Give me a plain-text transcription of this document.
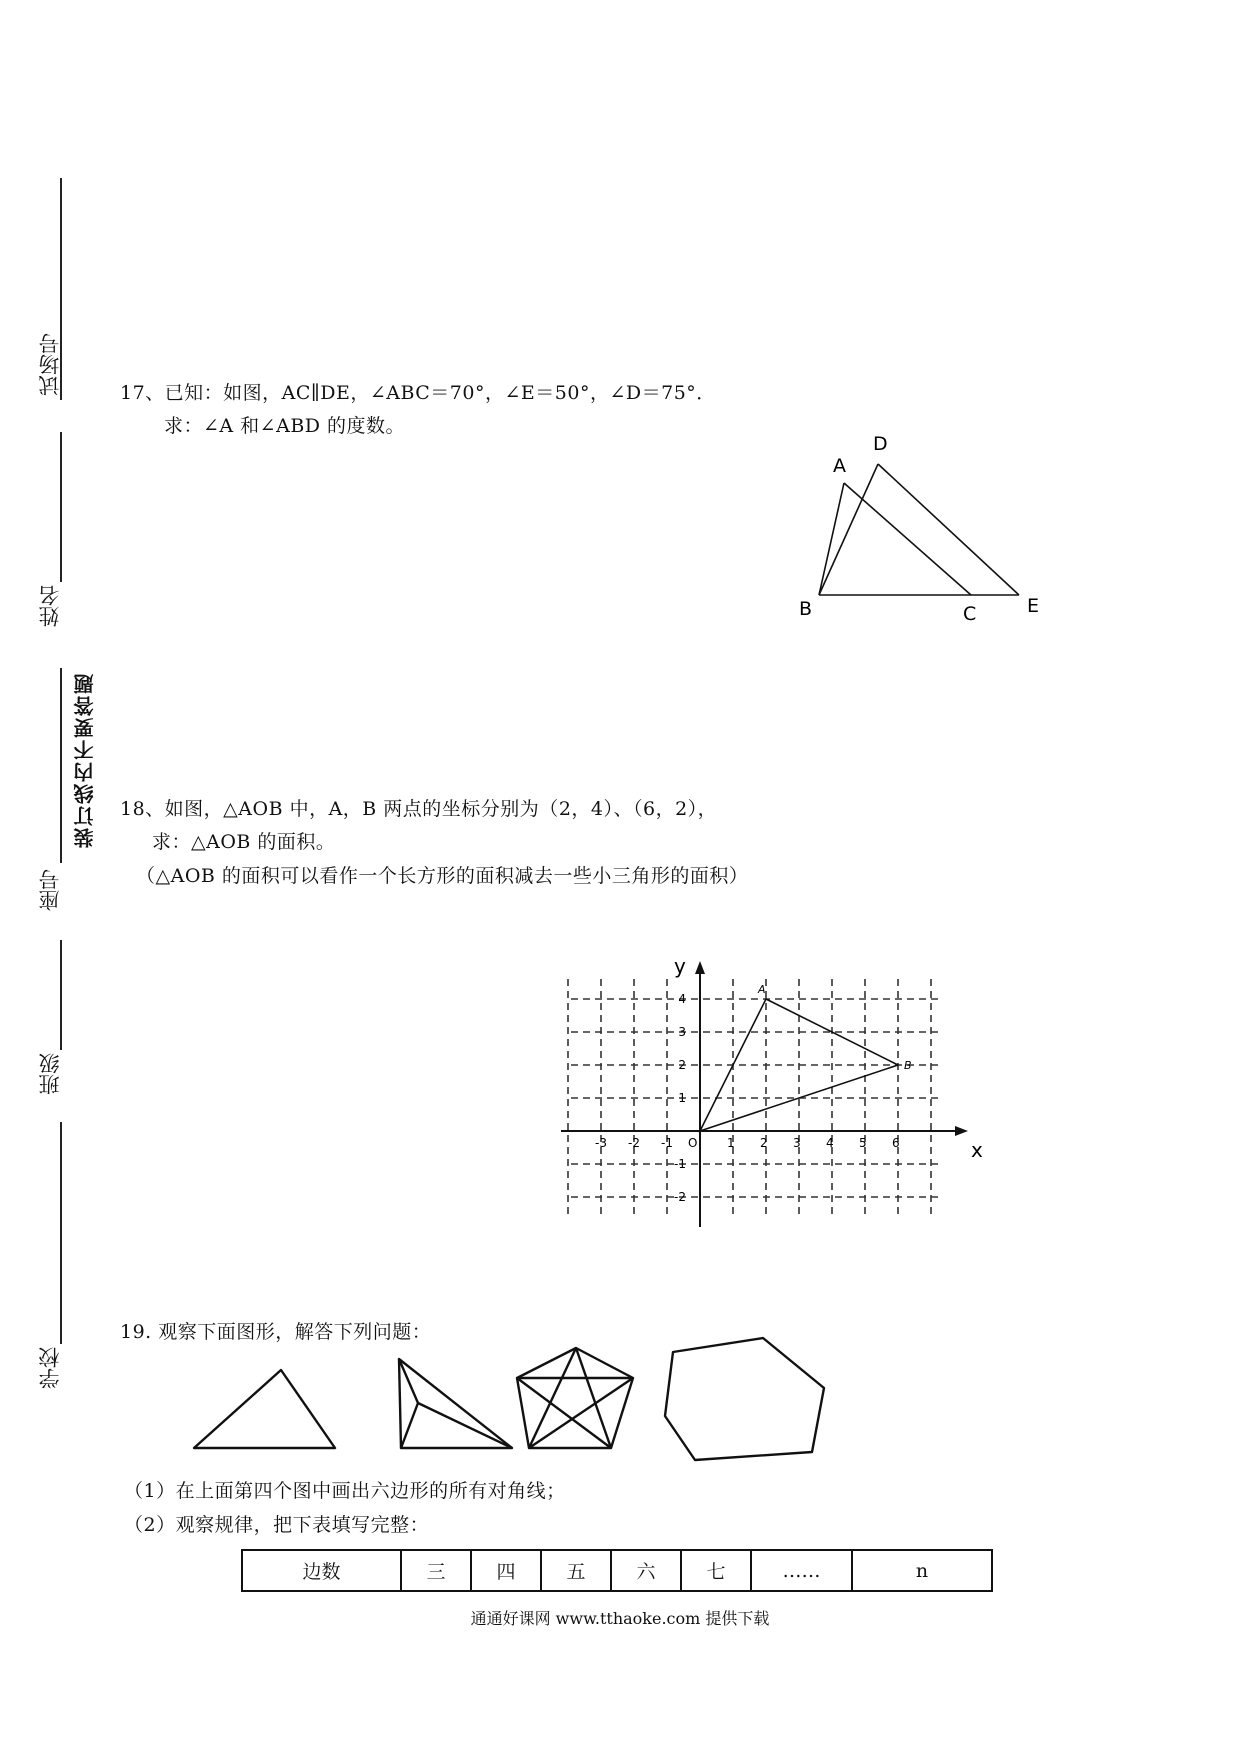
试场号
姓名
座号
班级
学校
装订线内不要答题
17、已知：如图，AC∥DE，∠ABC＝70°，∠E＝50°，∠D＝75°．
求：∠A 和∠ABD 的度数。
A
D
B	C	E
18、如图，△AOB 中，A，B 两点的坐标分别为（2，4）、（6，2），
求：△AOB 的面积。
（△AOB 的面积可以看作一个长方形的面积减去一些小三角形的面积）
x
y
-3 -2 -1 O 1 2 3 4 5 6
4
3
2
1
-1
-2
A
B
19. 观察下面图形，解答下列问题：
（1）在上面第四个图中画出六边形的所有对角线；
（2）观察规律，把下表填写完整：
边数	三	四	五	六	七	……	n
通通好课网 www.tthaoke.com 提供下载
